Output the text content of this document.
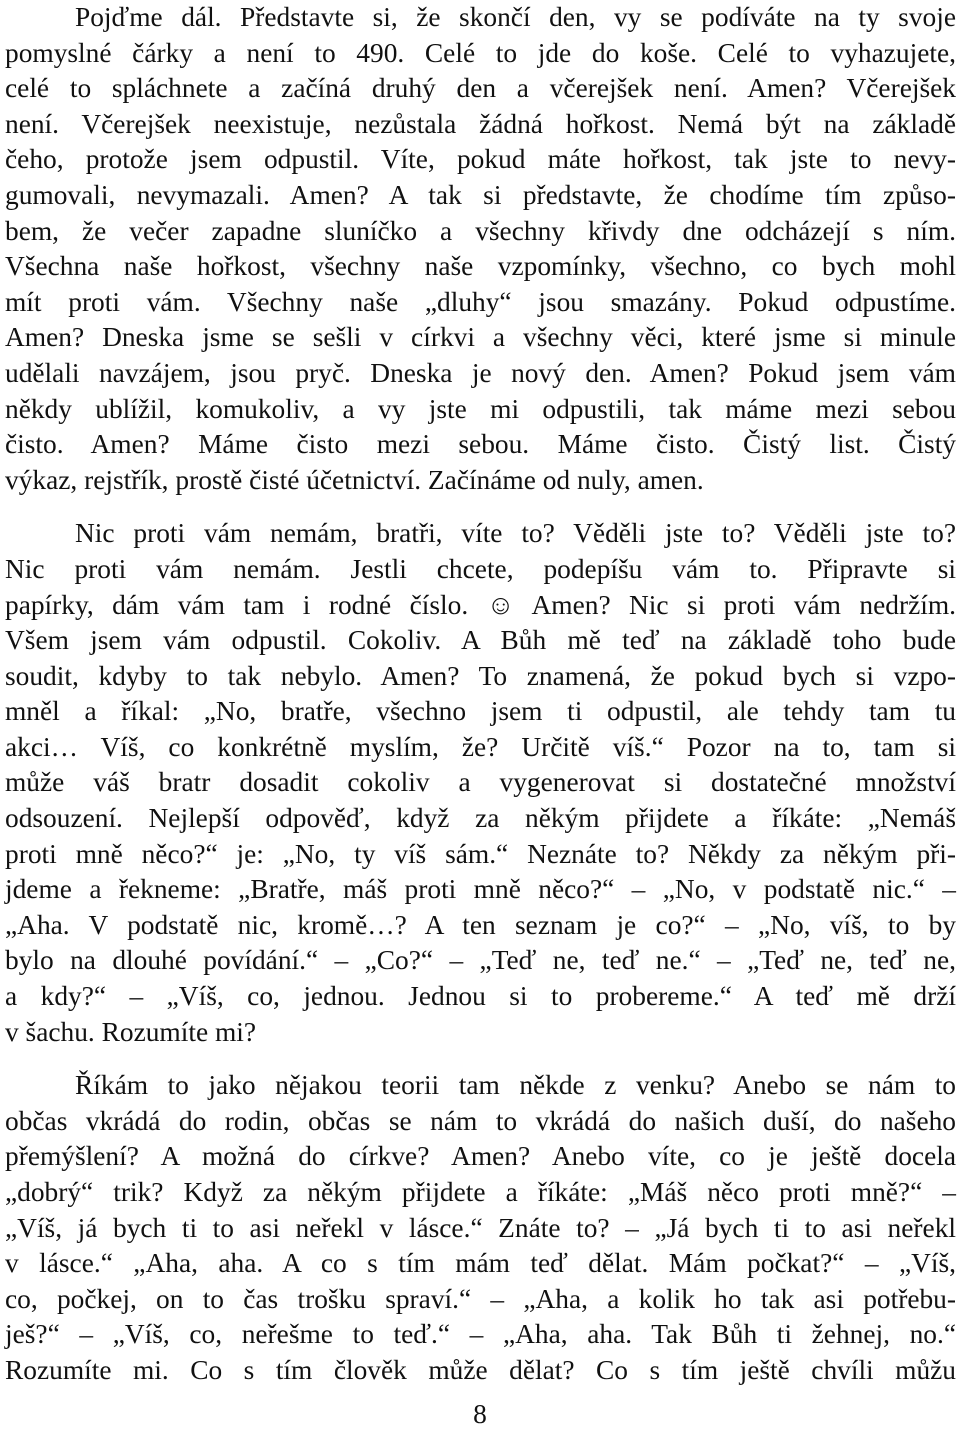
Pojďme dál. Představte si, že skončí den, vy se podíváte na ty svoje
pomyslné čárky a není to 490. Celé to jde do koše. Celé to vyhazujete,
celé to spláchnete a začíná druhý den a včerejšek není. Amen? Včerejšek
není. Včerejšek neexistuje, nezůstala žádná hořkost. Nemá být na základě
čeho, protože jsem odpustil. Víte, pokud máte hořkost, tak jste to nevy-
gumovali, nevymazali. Amen? A tak si představte, že chodíme tím způso-
bem, že večer zapadne sluníčko a všechny křivdy dne odcházejí s ním.
Všechna naše hořkost, všechny naše vzpomínky, všechno, co bych mohl
mít proti vám. Všechny naše „dluhy“ jsou smazány. Pokud odpustíme.
Amen? Dneska jsme se sešli v církvi a všechny věci, které jsme si minule
udělali navzájem, jsou pryč. Dneska je nový den. Amen? Pokud jsem vám
někdy ublížil, komukoliv, a vy jste mi odpustili, tak máme mezi sebou
čisto. Amen? Máme čisto mezi sebou. Máme čisto. Čistý list. Čistý
výkaz, rejstřík, prostě čisté účetnictví. Začínáme od nuly, amen.
Nic proti vám nemám, bratři, víte to? Věděli jste to? Věděli jste to?
Nic proti vám nemám. Jestli chcete, podepíšu vám to. Připravte si
papírky, dám vám tam i rodné číslo. ☺ Amen? Nic si proti vám nedržím.
Všem jsem vám odpustil. Cokoliv. A Bůh mě teď na základě toho bude
soudit, kdyby to tak nebylo. Amen? To znamená, že pokud bych si vzpo-
mněl a říkal: „No, bratře, všechno jsem ti odpustil, ale tehdy tam tu
akci… Víš, co konkrétně myslím, že? Určitě víš.“ Pozor na to, tam si
může váš bratr dosadit cokoliv a vygenerovat si dostatečné množství
odsouzení. Nejlepší odpověď, když za někým přijdete a říkáte: „Nemáš
proti mně něco?“ je: „No, ty víš sám.“ Neznáte to? Někdy za někým při-
jdeme a řekneme: „Bratře, máš proti mně něco?“ – „No, v podstatě nic.“ –
„Aha. V podstatě nic, kromě…? A ten seznam je co?“ – „No, víš, to by
bylo na dlouhé povídání.“ – „Co?“ – „Teď ne, teď ne.“ – „Teď ne, teď ne,
a kdy?“ – „Víš, co, jednou. Jednou si to probereme.“ A teď mě drží
v šachu. Rozumíte mi?
Říkám to jako nějakou teorii tam někde z venku? Anebo se nám to
občas vkrádá do rodin, občas se nám to vkrádá do našich duší, do našeho
přemýšlení? A možná do církve? Amen? Anebo víte, co je ještě docela
„dobrý“ trik? Když za někým přijdete a říkáte: „Máš něco proti mně?“ –
„Víš, já bych ti to asi neřekl v lásce.“ Znáte to? – „Já bych ti to asi neřekl
v lásce.“ „Aha, aha. A co s tím mám teď dělat. Mám počkat?“ – „Víš,
co, počkej, on to čas trošku spraví.“ – „Aha, a kolik ho tak asi potřebu-
ješ?“ – „Víš, co, neřešme to teď.“ – „Aha, aha. Tak Bůh ti žehnej, no.“
Rozumíte mi. Co s tím člověk může dělat? Co s tím ještě chvíli můžu
8
